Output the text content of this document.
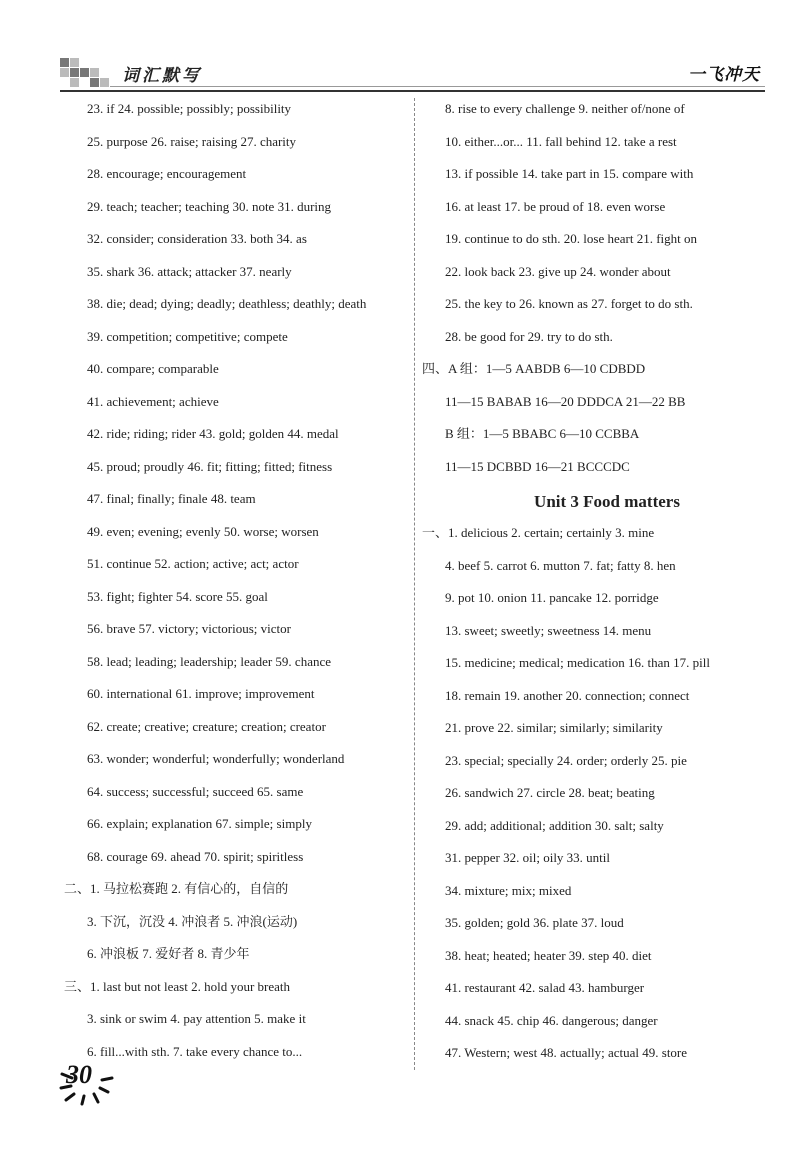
词汇默写	一飞冲天
23. if 24. possible; possibly; possibility
25. purpose 26. raise; raising 27. charity
28. encourage; encouragement
29. teach; teacher; teaching 30. note 31. during
32. consider; consideration 33. both 34. as
35. shark 36. attack; attacker 37. nearly
38. die; dead; dying; deadly; deathless; deathly; death
39. competition; competitive; compete
40. compare; comparable
41. achievement; achieve
42. ride; riding; rider 43. gold; golden 44. medal
45. proud; proudly 46. fit; fitting; fitted; fitness
47. final; finally; finale 48. team
49. even; evening; evenly 50. worse; worsen
51. continue 52. action; active; act; actor
53. fight; fighter 54. score 55. goal
56. brave 57. victory; victorious; victor
58. lead; leading; leadership; leader 59. chance
60. international 61. improve; improvement
62. create; creative; creature; creation; creator
63. wonder; wonderful; wonderfully; wonderland
64. success; successful; succeed 65. same
66. explain; explanation 67. simple; simply
68. courage 69. ahead 70. spirit; spiritless
二、1. 马拉松赛跑 2. 有信心的，自信的
3. 下沉，沉没 4. 冲浪者 5. 冲浪(运动)
6. 冲浪板 7. 爱好者 8. 青少年
三、1. last but not least 2. hold your breath
3. sink or swim 4. pay attention 5. make it
6. fill...with sth. 7. take every chance to...
8. rise to every challenge 9. neither of/none of
10. either...or... 11. fall behind 12. take a rest
13. if possible 14. take part in 15. compare with
16. at least 17. be proud of 18. even worse
19. continue to do sth. 20. lose heart 21. fight on
22. look back 23. give up 24. wonder about
25. the key to 26. known as 27. forget to do sth.
28. be good for 29. try to do sth.
四、A 组：1—5 AABDB 6—10 CDBDD
11—15 BABAB 16—20 DDDCA 21—22 BB
B 组：1—5 BBABC 6—10 CCBBA
11—15 DCBBD 16—21 BCCCDC
Unit 3 Food matters
一、1. delicious 2. certain; certainly 3. mine
4. beef 5. carrot 6. mutton 7. fat; fatty 8. hen
9. pot 10. onion 11. pancake 12. porridge
13. sweet; sweetly; sweetness 14. menu
15. medicine; medical; medication 16. than 17. pill
18. remain 19. another 20. connection; connect
21. prove 22. similar; similarly; similarity
23. special; specially 24. order; orderly 25. pie
26. sandwich 27. circle 28. beat; beating
29. add; additional; addition 30. salt; salty
31. pepper 32. oil; oily 33. until
34. mixture; mix; mixed
35. golden; gold 36. plate 37. loud
38. heat; heated; heater 39. step 40. diet
41. restaurant 42. salad 43. hamburger
44. snack 45. chip 46. dangerous; danger
47. Western; west 48. actually; actual 49. store
30
